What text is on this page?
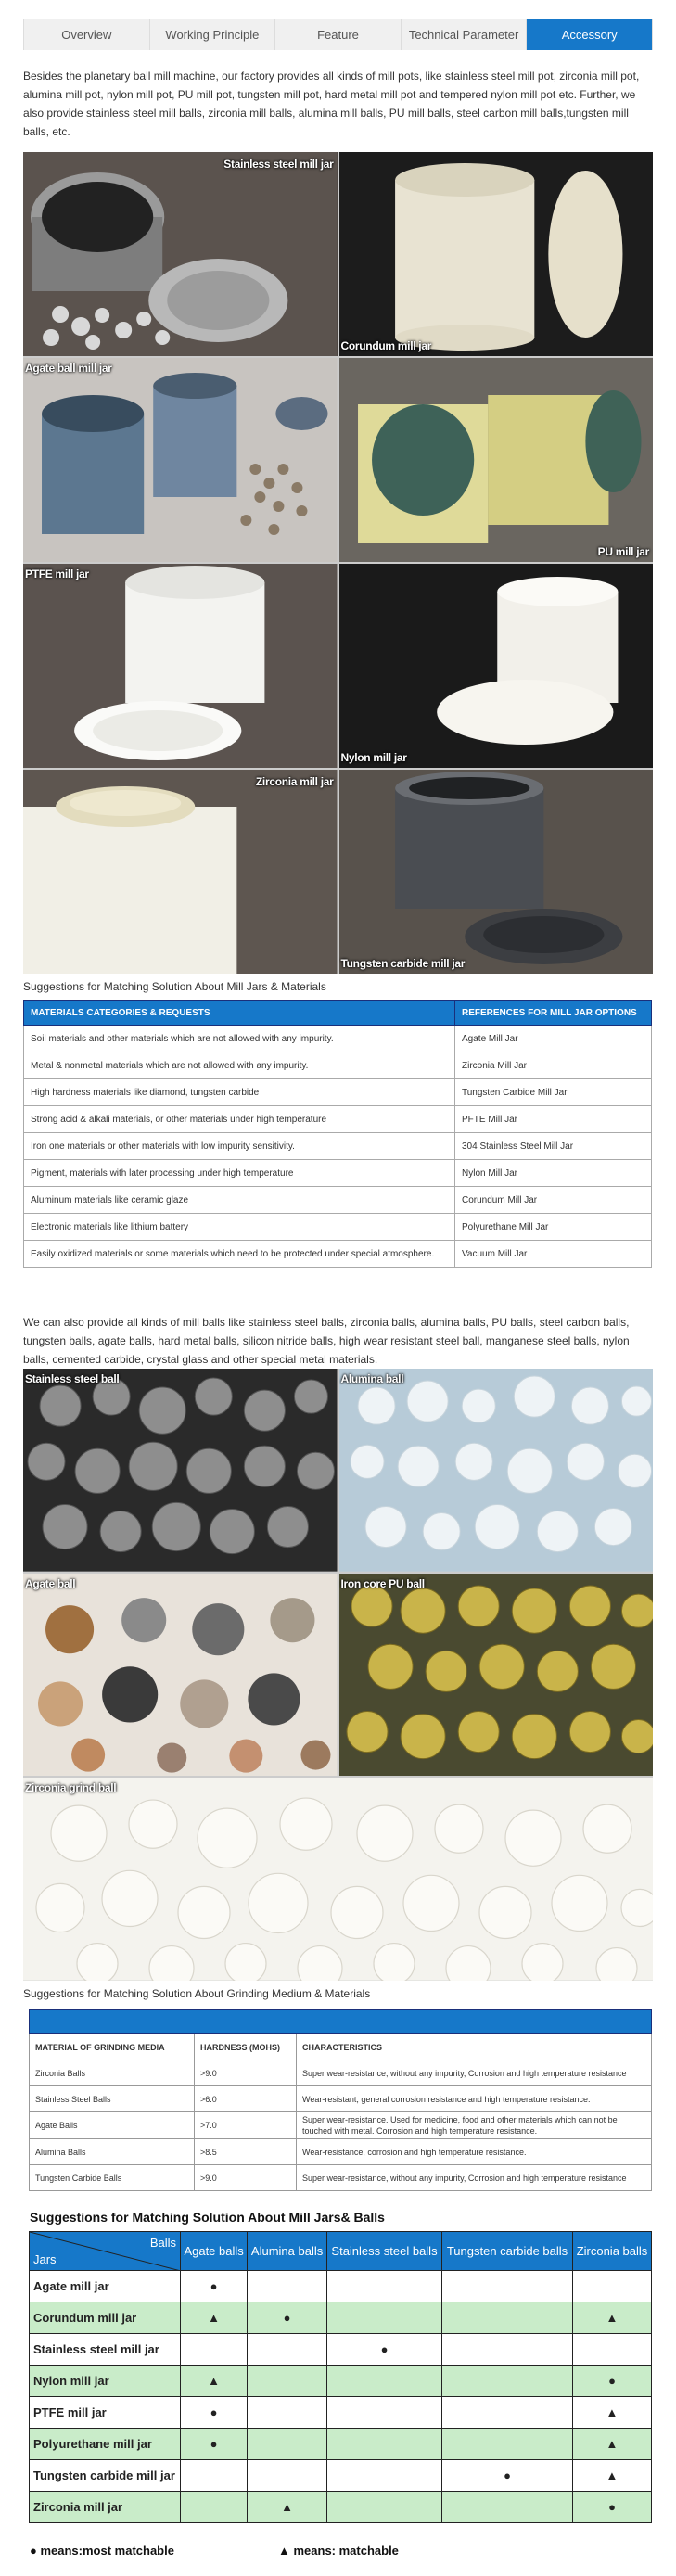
Overview	Working Principle	Feature	Technical Parameter	Accessory

Besides the planetary ball mill machine, our factory provides all kinds of mill pots, like stainless steel mill pot, zirconia mill pot, alumina mill pot, nylon mill pot, PU mill pot, tungsten mill pot, hard metal mill pot and tempered nylon mill pot etc. Further, we also provide stainless steel mill balls, zirconia mill balls, alumina mill balls, PU mill balls, steel carbon mill balls,tungsten mill balls, etc.

Stainless steel mill jar
Corundum mill jar
Agate ball mill jar
PU mill jar
PTFE mill jar
Nylon mill jar
Zirconia mill jar
Tungsten carbide mill jar
Suggestions for Matching Solution About Mill Jars & Materials
MATERIALS CATEGORIES & REQUESTS	REFERENCES FOR MILL JAR OPTIONS
Soil materials and other materials which are not allowed with any impurity.	Agate Mill Jar
Metal & nonmetal materials which are not allowed with any impurity.	Zirconia Mill Jar
High hardness materials like diamond, tungsten carbide	Tungsten Carbide Mill Jar
Strong acid & alkali materials, or other materials under high temperature	PFTE Mill Jar
Iron one materials or other materials with low impurity sensitivity.	304 Stainless Steel Mill Jar
Pigment, materials with later processing under high temperature	Nylon Mill Jar
Aluminum materials like ceramic glaze	Corundum Mill Jar
Electronic materials like lithium battery	Polyurethane Mill Jar
Easily oxidized materials or some materials which need to be protected under special atmosphere.	Vacuum Mill Jar

We can also provide all kinds of mill balls like stainless steel balls, zirconia balls, alumina balls, PU balls, steel carbon balls, tungsten balls, agate balls, hard metal balls, silicon nitride balls, high wear resistant steel ball, manganese steel balls, nylon balls, cemented carbide, crystal glass and other special metal materials.

Stainless steel ball	Alumina ball
Agate ball	Iron core PU ball
Zirconia grind ball
Suggestions for Matching Solution About Grinding Medium & Materials
MATERIAL OF GRINDING MEDIA	HARDNESS (MOHS)	CHARACTERISTICS
Zirconia Balls	>9.0	Super wear-resistance, without any impurity, Corrosion and high temperature resistance
Stainless Steel Balls	>6.0	Wear-resistant, general corrosion resistance and high temperature resistance.
Agate Balls	>7.0	Super wear-resistance. Used for medicine, food and other materials which can not be touched with metal. Corrosion and high temperature resistance.
Alumina Balls	>8.5	Wear-resistance, corrosion and high temperature resistance.
Tungsten Carbide Balls	>9.0	Super wear-resistance, without any impurity, Corrosion and high temperature resistance
Suggestions for Matching Solution About Mill Jars& Balls
Balls
Jars	Agate balls	Alumina balls	Stainless steel balls	Tungsten carbide balls	Zirconia balls
Agate mill jar	●				
Corundum mill jar	▲	●			▲
Stainless steel mill jar			●		
Nylon mill jar	▲				●
PTFE mill jar	●				▲
Polyurethane mill jar	●				▲
Tungsten carbide mill jar				●	▲
Zirconia mill jar		▲			●
● means:most matchable	▲ means: matchable
